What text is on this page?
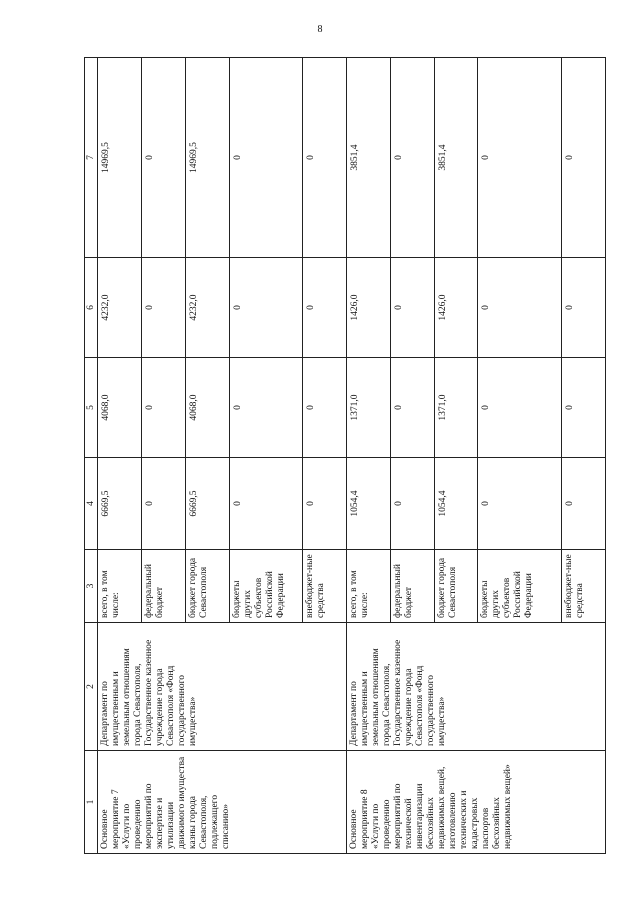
8
1	2	3	4	5	6	7
Основное мероприятие 7 «Услуги по проведению мероприятий по экспертизе и утилизации движимого имущества казны города Севастополя, подлежащего списанию»	Департамент по имущественным и земельным отношениям города Севастополя, Государственное казенное учреждение города Севастополя «Фонд государственного имущества»	всего, в том числе:	6669,5	4068,0	4232,0	14969,5
		федеральный бюджет	0	0	0	0
		бюджет города Севастополя	6669,5	4068,0	4232,0	14969,5
		бюджеты других субъектов Российской Федерации	0	0	0	0
		внебюджет-ные средства	0	0	0	0
Основное мероприятие 8 «Услуги по проведению мероприятий по технической инвентаризации бесхозяйных недвижимых вещей, изготовлению технических и кадастровых паспортов бесхозяйных недвижимых вещей»	Департамент по имущественным и земельным отношениям города Севастополя, Государственное казенное учреждение города Севастополя «Фонд государственного имущества»	всего, в том числе:	1054,4	1371,0	1426,0	3851,4
		федеральный бюджет	0	0	0	0
		бюджет города Севастополя	1054,4	1371,0	1426,0	3851,4
		бюджеты других субъектов Российской Федерации	0	0	0	0
		внебюджет-ные средства	0	0	0	0
